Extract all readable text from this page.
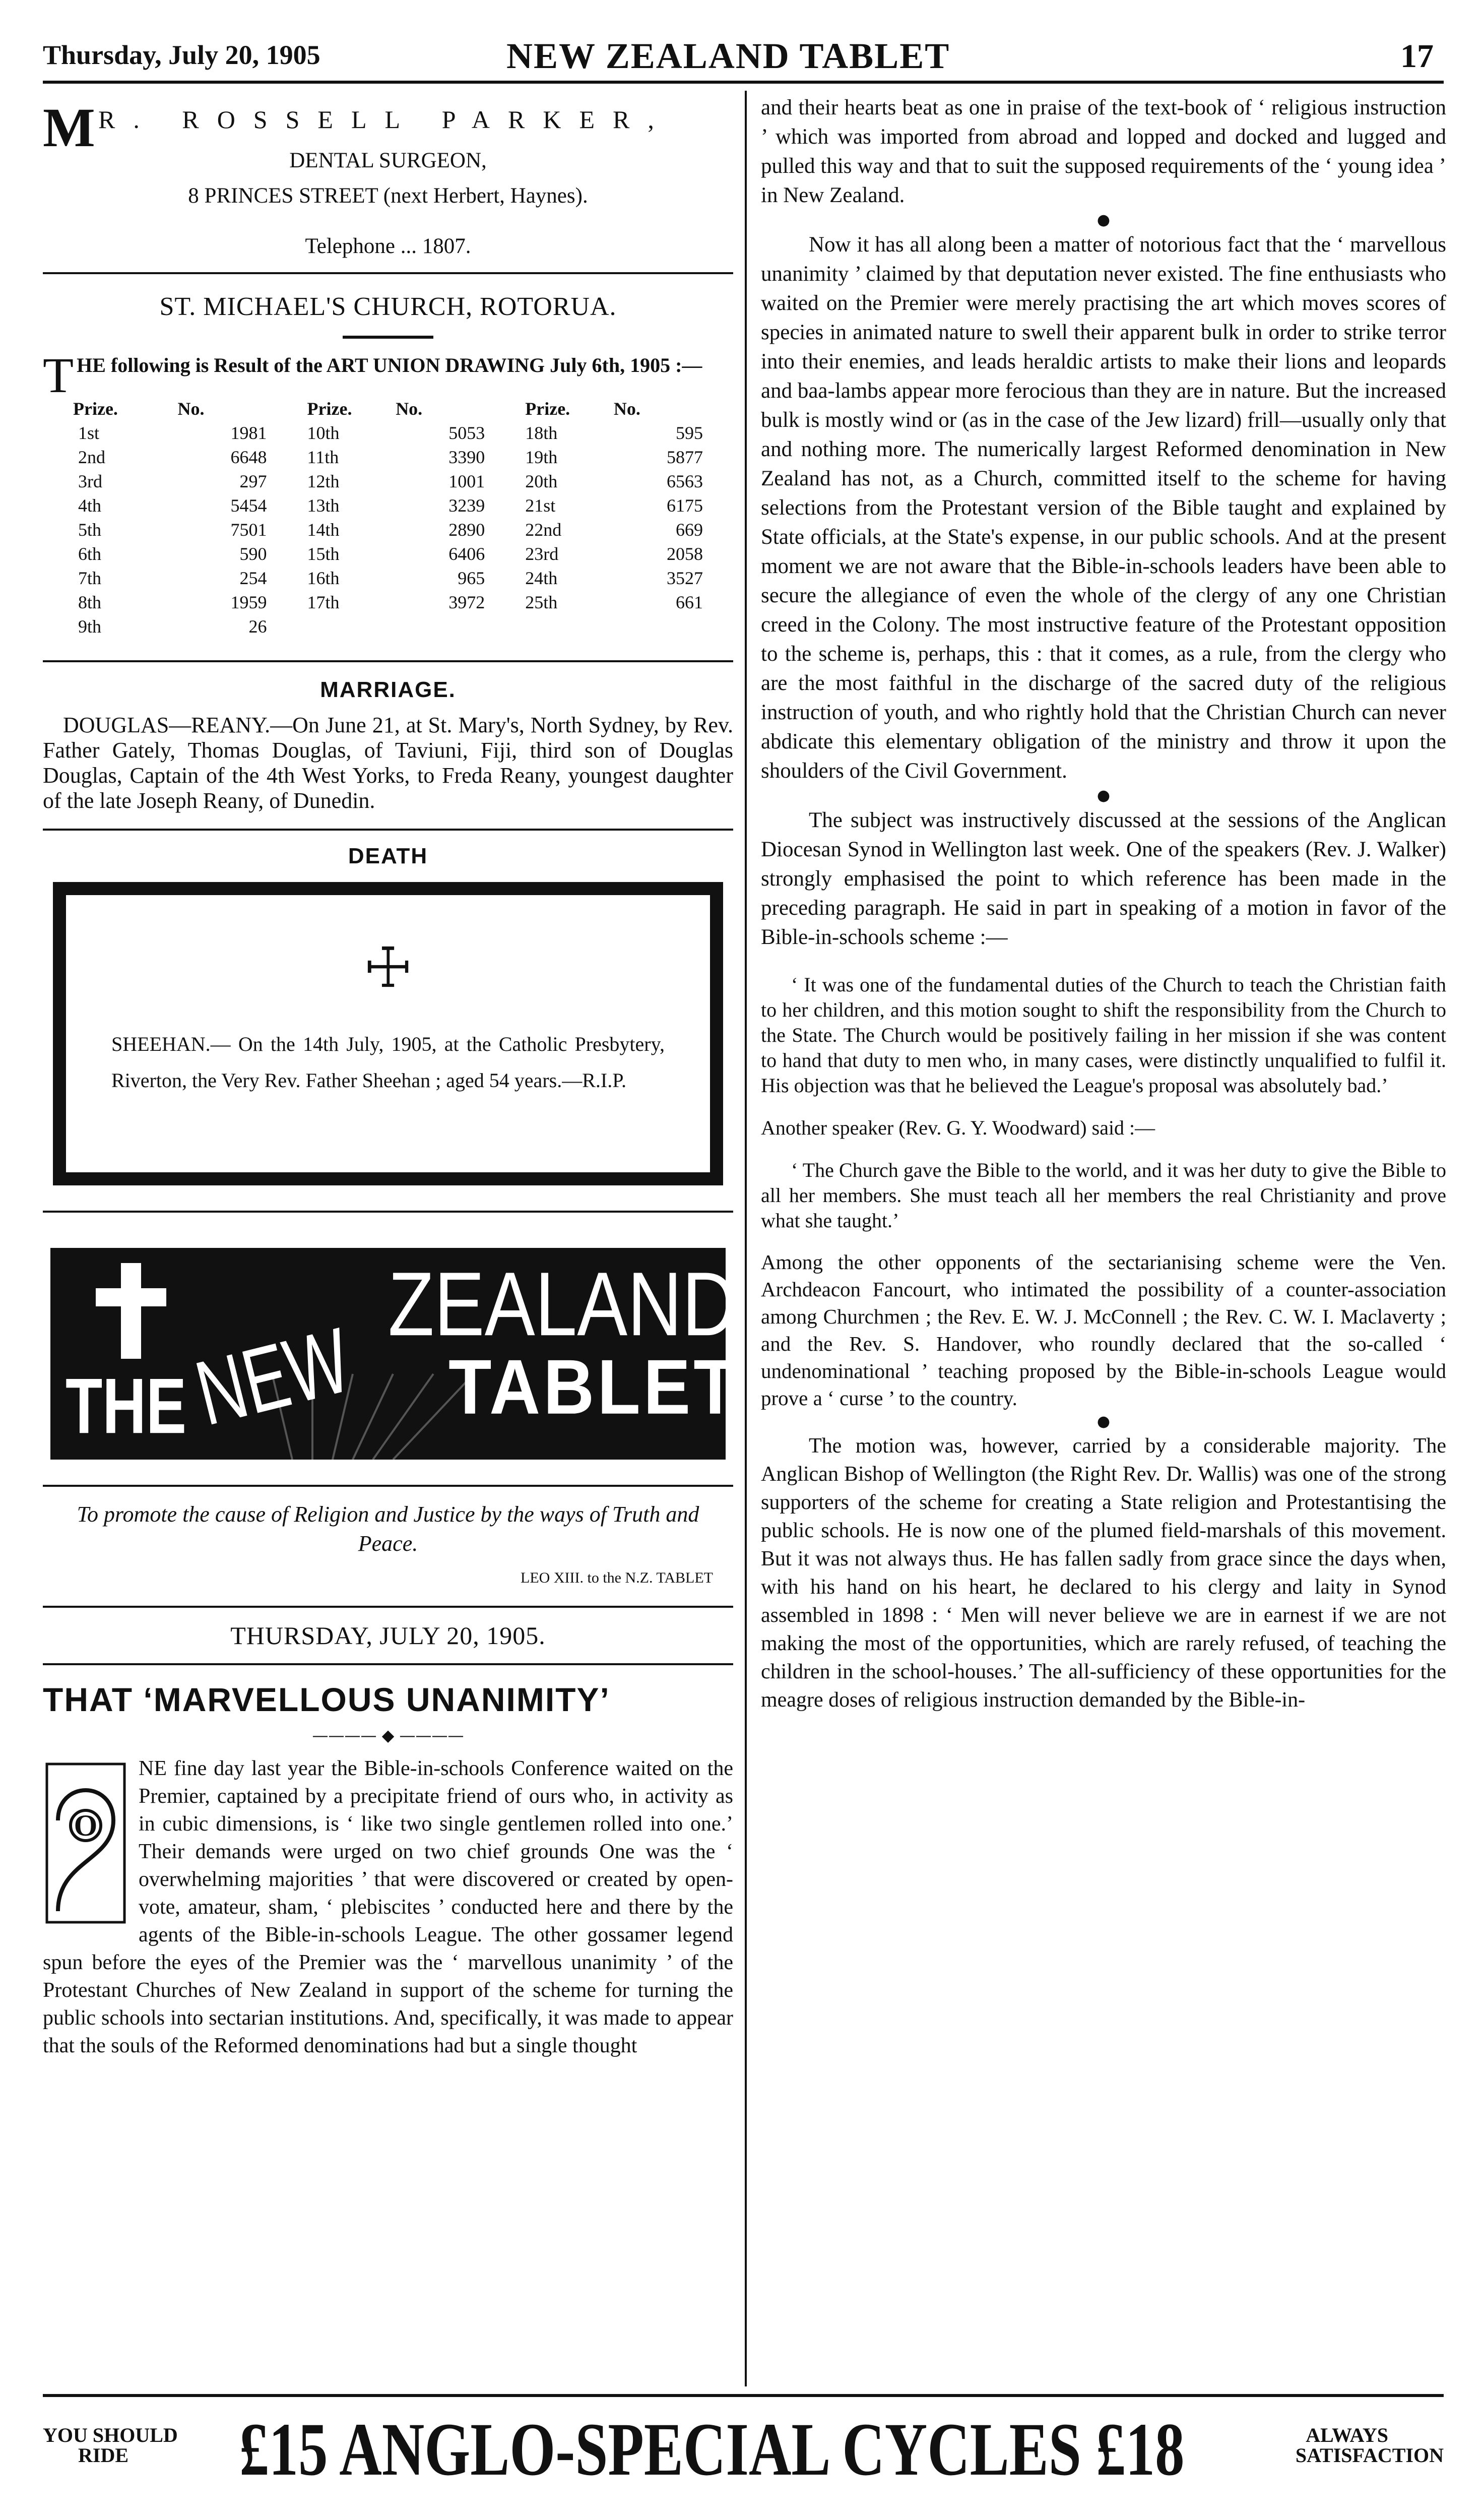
Thursday, July 20, 1905	NEW ZEALAND TABLET	17
M R. ROSSELL PARKER,
DENTAL SURGEON,
8 PRINCES STREET (next Herbert, Haynes).
Telephone ... 1807.
ST. MICHAEL'S CHURCH, ROTORUA.
T HE following is Result of the ART UNION DRAWING July 6th, 1905 :—
Prize.	No.	Prize.	No.	Prize.	No.
1st	1981	10th	5053	18th	595
2nd	6648	11th	3390	19th	5877
3rd	297	12th	1001	20th	6563
4th	5454	13th	3239	21st	6175
5th	7501	14th	2890	22nd	669
6th	590	15th	6406	23rd	2058
7th	254	16th	965	24th	3527
8th	1959	17th	3972	25th	661
9th	26				
MARRIAGE.
DOUGLAS—REANY.—On June 21, at St. Mary's, North Sydney, by Rev. Father Gately, Thomas Douglas, of Taviuni, Fiji, third son of Douglas Douglas, Captain of the 4th West Yorks, to Freda Reany, youngest daughter of the late Joseph Reany, of Dunedin.
DEATH
☩
SHEEHAN.— On the 14th July, 1905, at the Catholic Presbytery, Riverton, the Very Rev. Father Sheehan ; aged 54 years.—R.I.P.
THE NEW
ZEALAND
TABLET
To promote the cause of Religion and Justice by the ways of Truth and Peace.
LEO XIII. to the N.Z. TABLET
THURSDAY, JULY 20, 1905.
THAT ‘MARVELLOUS UNANIMITY’
———— ◆ ————
O

NE fine day last year the Bible-in-schools Conference waited on the Premier, captained by a precipitate friend of ours who, in activity as in cubic dimensions, is ‘ like two single gentlemen rolled into one.’ Their demands were urged on two chief grounds One was the ‘ overwhelming majorities ’ that were discovered or created by open-vote, amateur, sham, ‘ plebiscites ’ conducted here and there by the agents of the Bible-in-schools League. The other gossamer legend spun before the eyes of the Premier was the ‘ marvellous unanimity ’ of the Protestant Churches of New Zealand in support of the scheme for turning the public schools into sectarian institutions. And, specifically, it was made to appear that the souls of the Reformed denominations had but a single thought

and their hearts beat as one in praise of the text-book of ‘ religious instruction ’ which was imported from abroad and lopped and docked and lugged and pulled this way and that to suit the supposed requirements of the ‘ young idea ’ in New Zealand.

●

Now it has all along been a matter of notorious fact that the ‘ marvellous unanimity ’ claimed by that deputation never existed. The fine enthusiasts who waited on the Premier were merely practising the art which moves scores of species in animated nature to swell their apparent bulk in order to strike terror into their enemies, and leads heraldic artists to make their lions and leopards and baa-lambs appear more ferocious than they are in nature. But the increased bulk is mostly wind or (as in the case of the Jew lizard) frill—usually only that and nothing more. The numerically largest Reformed denomination in New Zealand has not, as a Church, committed itself to the scheme for having selections from the Protestant version of the Bible taught and explained by State officials, at the State's expense, in our public schools. And at the present moment we are not aware that the Bible-in-schools leaders have been able to secure the allegiance of even the whole of the clergy of any one Christian creed in the Colony. The most instructive feature of the Protestant opposition to the scheme is, perhaps, this : that it comes, as a rule, from the clergy who are the most faithful in the discharge of the sacred duty of the religious instruction of youth, and who rightly hold that the Christian Church can never abdicate this elementary obligation of the ministry and throw it upon the shoulders of the Civil Government.

●

The subject was instructively discussed at the sessions of the Anglican Diocesan Synod in Wellington last week. One of the speakers (Rev. J. Walker) strongly emphasised the point to which reference has been made in the preceding paragraph. He said in part in speaking of a motion in favor of the Bible-in-schools scheme :—

‘ It was one of the fundamental duties of the Church to teach the Christian faith to her children, and this motion sought to shift the responsibility from the Church to the State. The Church would be positively failing in her mission if she was content to hand that duty to men who, in many cases, were distinctly unqualified to fulfil it. His objection was that he believed the League's proposal was absolutely bad.’

Another speaker (Rev. G. Y. Woodward) said :—

‘ The Church gave the Bible to the world, and it was her duty to give the Bible to all her members. She must teach all her members the real Christianity and prove what she taught.’

Among the other opponents of the sectarianising scheme were the Ven. Archdeacon Fancourt, who intimated the possibility of a counter-association among Churchmen ; the Rev. E. W. J. McConnell ; the Rev. C. W. I. Maclaverty ; and the Rev. S. Handover, who roundly declared that the so-called ‘ undenominational ’ teaching proposed by the Bible-in-schools League would prove a ‘ curse ’ to the country.

●

The motion was, however, carried by a considerable majority. The Anglican Bishop of Wellington (the Right Rev. Dr. Wallis) was one of the strong supporters of the scheme for creating a State religion and Protestantising the public schools. He is now one of the plumed field-marshals of this movement. But it was not always thus. He has fallen sadly from grace since the days when, with his hand on his heart, he declared to his clergy and laity in Synod assembled in 1898 : ‘ Men will never believe we are in earnest if we are not making the most of the opportunities, which are rarely refused, of teaching the children in the school-houses.’ The all-sufficiency of these opportunities for the meagre doses of religious instruction demanded by the Bible-in-

YOU SHOULD
RIDE £15 ANGLO-SPECIAL CYCLES £18	ALWAYS
SATISFACTION
